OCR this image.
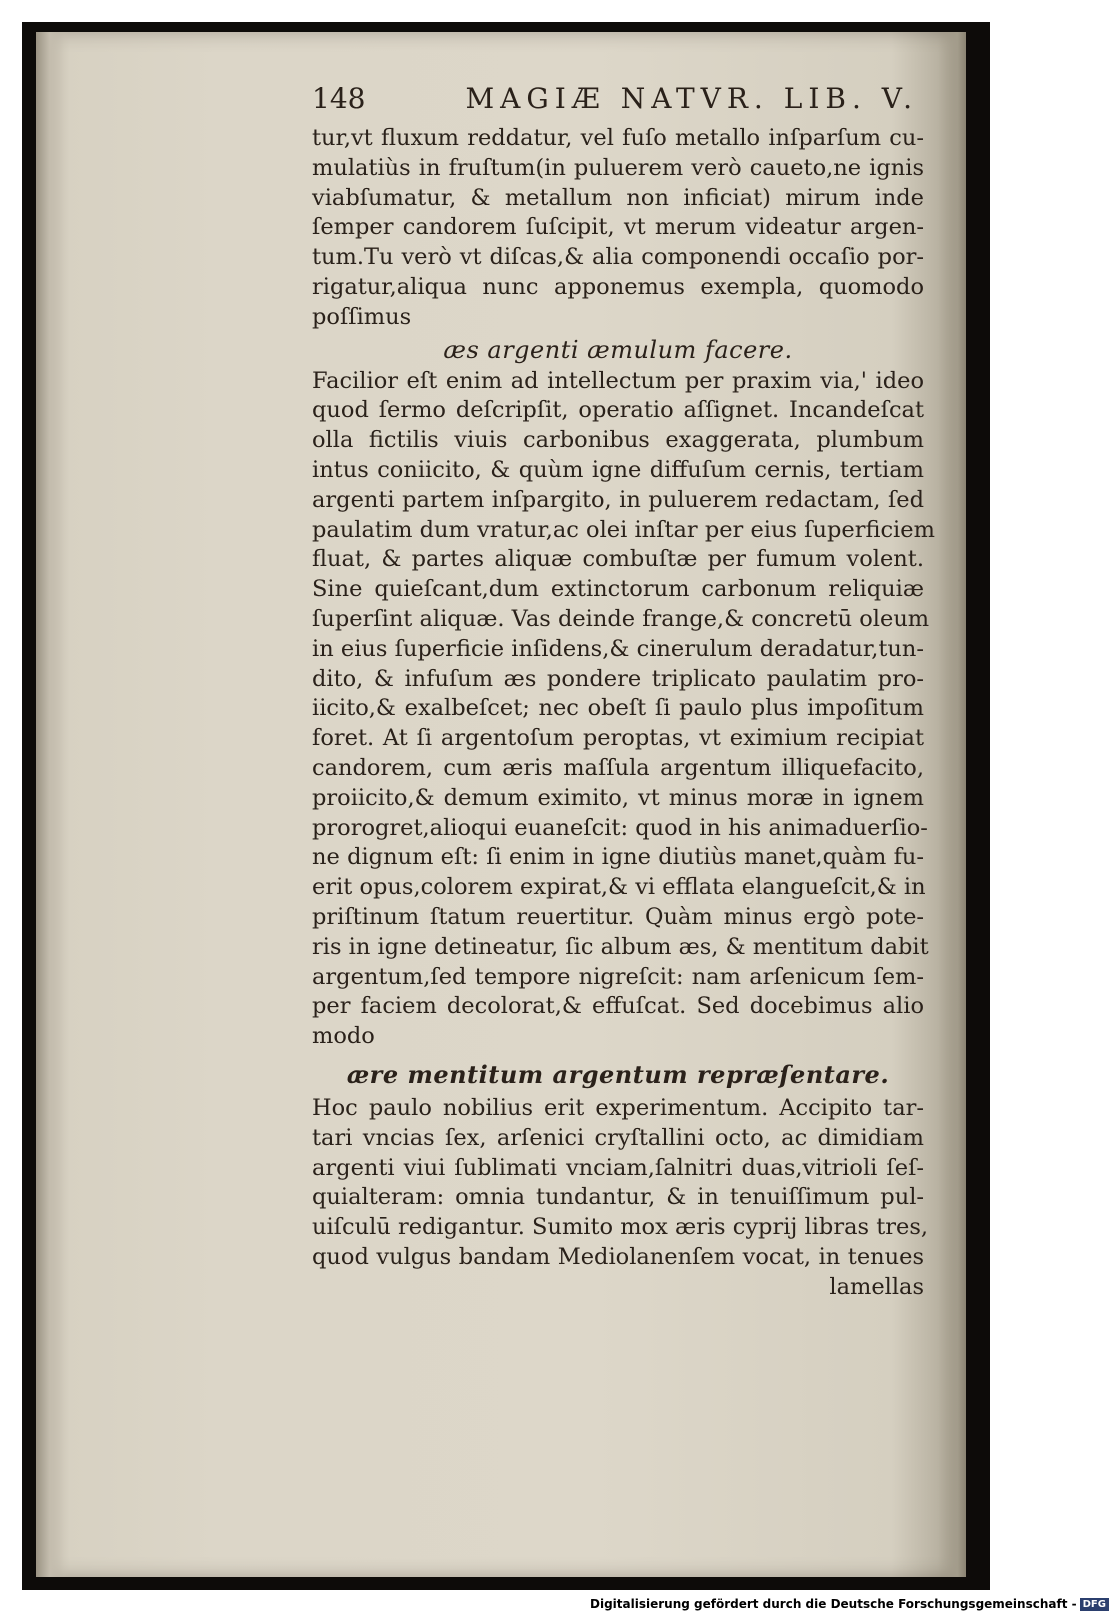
148	MAGIÆ NATVR. LIB. V.
tur,vt fluxum reddatur, vel fuſo metallo inſparſum cu-
mulatiùs in fruſtum(in puluerem verò caueto,ne ignis
viabſumatur, & metallum non inficiat) mirum inde
ſemper candorem ſuſcipit, vt merum videatur argen-
tum.Tu verò vt diſcas,& alia componendi occaſio por-
rigatur,aliqua nunc apponemus exempla, quomodo
poſſimus
æs argenti æmulum facere.
Facilior eſt enim ad intellectum per praxim via,' ideo
quod ſermo deſcripſit, operatio aſſignet. Incandeſcat
olla fictilis viuis carbonibus exaggerata, plumbum
intus coniicito, & quùm igne diffuſum cernis, tertiam
argenti partem inſpargito, in puluerem redactam, ſed
paulatim dum vratur,ac olei inſtar per eius ſuperficiem
fluat, & partes aliquæ combuſtæ per fumum volent.
Sine quieſcant,dum extinctorum carbonum reliquiæ
ſuperſint aliquæ. Vas deinde frange,& concretū oleum
in eius ſuperficie inſidens,& cinerulum deradatur,tun-
dito, & infuſum æs pondere triplicato paulatim pro-
iicito,& exalbeſcet; nec obeſt ſi paulo plus impoſitum
foret. At ſi argentoſum peroptas, vt eximium recipiat
candorem, cum æris maſſula argentum illiquefacito,
proiicito,& demum eximito, vt minus moræ in ignem
prorogret,alioqui euaneſcit: quod in his animaduerſio-
ne dignum eſt: ſi enim in igne diutiùs manet,quàm fu-
erit opus,colorem expirat,& vi efflata elangueſcit,& in
priſtinum ſtatum reuertitur. Quàm minus ergò pote-
ris in igne detineatur, ſic album æs, & mentitum dabit
argentum,ſed tempore nigreſcit: nam arſenicum ſem-
per faciem decolorat,& effuſcat. Sed docebimus alio
modo
ære mentitum argentum repræſentare.
Hoc paulo nobilius erit experimentum. Accipito tar-
tari vncias ſex, arſenici cryſtallini octo, ac dimidiam
argenti viui ſublimati vnciam,ſalnitri duas,vitrioli ſeſ-
quialteram: omnia tundantur, & in tenuiſſimum pul-
uiſculū redigantur. Sumito mox æris cyprij libras tres,
quod vulgus bandam Mediolanenſem vocat, in tenues
lamellas
Digitalisierung gefördert durch die Deutsche Forschungsgemeinschaft - DFG
